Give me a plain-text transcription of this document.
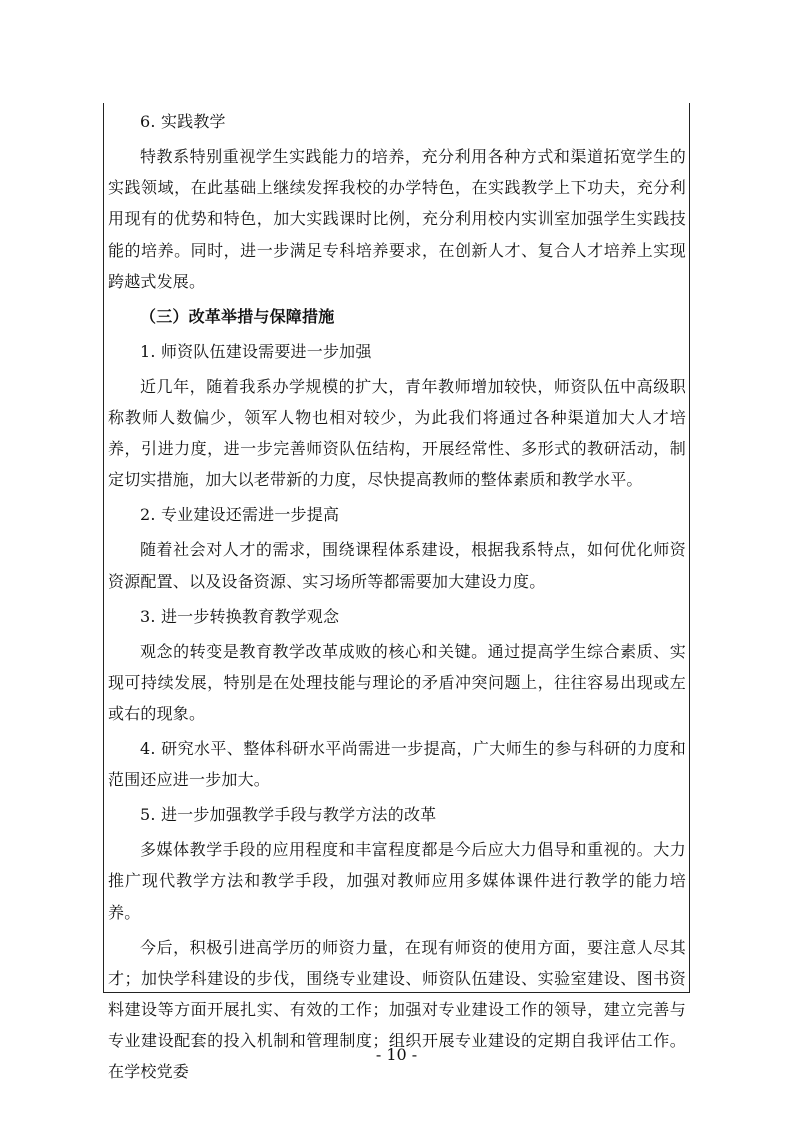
6. 实践教学

特教系特别重视学生实践能力的培养，充分利用各种方式和渠道拓宽学生的实践领域，在此基础上继续发挥我校的办学特色，在实践教学上下功夫，充分利用现有的优势和特色，加大实践课时比例，充分利用校内实训室加强学生实践技能的培养。同时，进一步满足专科培养要求，在创新人才、复合人才培养上实现跨越式发展。

（三）改革举措与保障措施

1. 师资队伍建设需要进一步加强

近几年，随着我系办学规模的扩大，青年教师增加较快，师资队伍中高级职称教师人数偏少，领军人物也相对较少，为此我们将通过各种渠道加大人才培养，引进力度，进一步完善师资队伍结构，开展经常性、多形式的教研活动，制定切实措施，加大以老带新的力度，尽快提高教师的整体素质和教学水平。

2. 专业建设还需进一步提高

随着社会对人才的需求，围绕课程体系建设，根据我系特点，如何优化师资资源配置、以及设备资源、实习场所等都需要加大建设力度。

3. 进一步转换教育教学观念

观念的转变是教育教学改革成败的核心和关键。通过提高学生综合素质、实现可持续发展，特别是在处理技能与理论的矛盾冲突问题上，往往容易出现或左或右的现象。

4. 研究水平、整体科研水平尚需进一步提高，广大师生的参与科研的力度和范围还应进一步加大。

5. 进一步加强教学手段与教学方法的改革

多媒体教学手段的应用程度和丰富程度都是今后应大力倡导和重视的。大力推广现代教学方法和教学手段，加强对教师应用多媒体课件进行教学的能力培养。

今后，积极引进高学历的师资力量，在现有师资的使用方面，要注意人尽其才；加快学科建设的步伐，围绕专业建设、师资队伍建设、实验室建设、图书资料建设等方面开展扎实、有效的工作；加强对专业建设工作的领导，建立完善与专业建设配套的投入机制和管理制度；组织开展专业建设的定期自我评估工作。在学校党委

- 10 -
